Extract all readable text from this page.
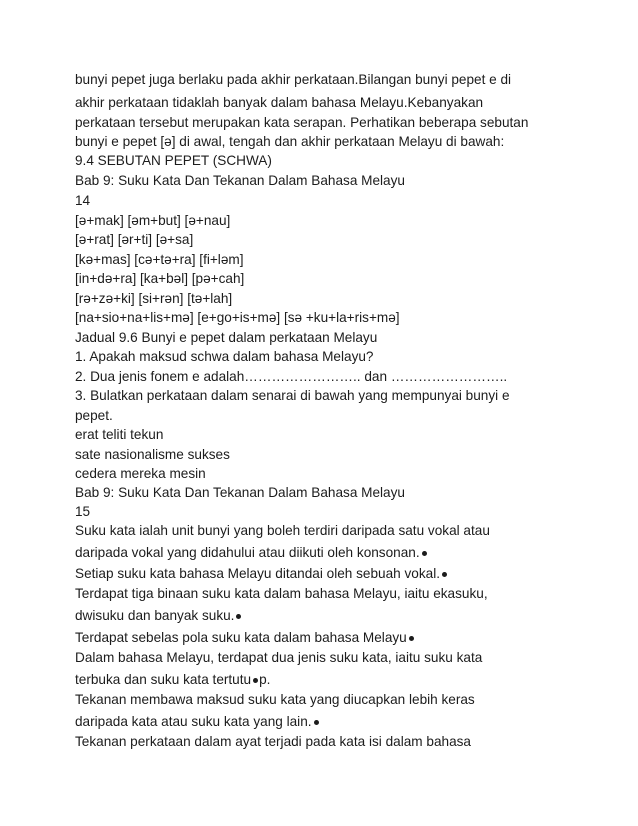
bunyi pepet juga berlaku pada akhir perkataan.Bilangan bunyi pepet e di
akhir perkataan tidaklah banyak dalam bahasa Melayu.Kebanyakan
perkataan tersebut merupakan kata serapan. Perhatikan beberapa sebutan
bunyi e pepet [ə] di awal, tengah dan akhir perkataan Melayu di bawah:
9.4 SEBUTAN PEPET (SCHWA)
Bab 9: Suku Kata Dan Tekanan Dalam Bahasa Melayu
14
[ə+mak] [əm+but] [ə+nau]
[ə+rat] [ər+ti] [ə+sa]
[kə+mas] [cə+tə+ra] [fi+ləm]
[in+də+ra] [ka+bəl] [pə+cah]
[rə+zə+ki] [si+rən] [tə+lah]
[na+sio+na+lis+mə] [e+go+is+mə] [sə +ku+la+ris+mə]
Jadual 9.6 Bunyi e pepet dalam perkataan Melayu
1. Apakah maksud schwa dalam bahasa Melayu?
2. Dua jenis fonem e adalah…………………….. dan ……………………..
3. Bulatkan perkataan dalam senarai di bawah yang mempunyai bunyi e
pepet.
erat teliti tekun
sate nasionalisme sukses
cedera mereka mesin
Bab 9: Suku Kata Dan Tekanan Dalam Bahasa Melayu
15
Suku kata ialah unit bunyi yang boleh terdiri daripada satu vokal atau
daripada vokal yang didahului atau diikuti oleh konsonan.
Setiap suku kata bahasa Melayu ditandai oleh sebuah vokal.
Terdapat tiga binaan suku kata dalam bahasa Melayu, iaitu ekasuku,
dwisuku dan banyak suku.
Terdapat sebelas pola suku kata dalam bahasa Melayu
Dalam bahasa Melayu, terdapat dua jenis suku kata, iaitu suku kata
terbuka dan suku kata tertutu p.
Tekanan membawa maksud suku kata yang diucapkan lebih keras
daripada kata atau suku kata yang lain.
Tekanan perkataan dalam ayat terjadi pada kata isi dalam bahasa
